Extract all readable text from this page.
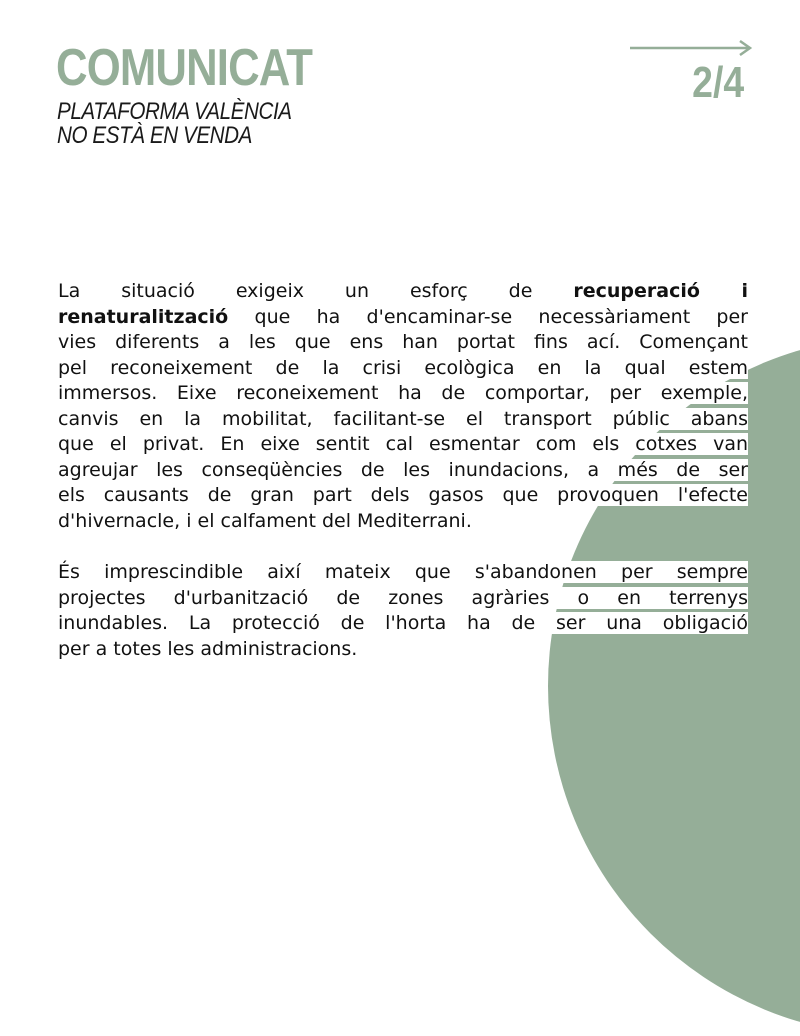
COMUNICAT
PLATAFORMA VALÈNCIA
NO ESTÀ EN VENDA
2/4

La situació exigeix un esforç de recuperació i
renaturalització que ha d'encaminar-se necessàriament per
vies diferents a les que ens han portat fins ací. Començant
pel reconeixement de la crisi ecològica en la qual estem
immersos. Eixe reconeixement ha de comportar, per exemple,
canvis en la mobilitat, facilitant-se el transport públic abans
que el privat. En eixe sentit cal esmentar com els cotxes van
agreujar les conseqüències de les inundacions, a més de ser
els causants de gran part dels gasos que provoquen l'efecte
d'hivernacle, i el calfament del Mediterrani.

És imprescindible així mateix que s'abandonen per sempre
projectes d'urbanització de zones agràries o en terrenys
inundables. La protecció de l'horta ha de ser una obligació
per a totes les administracions.
